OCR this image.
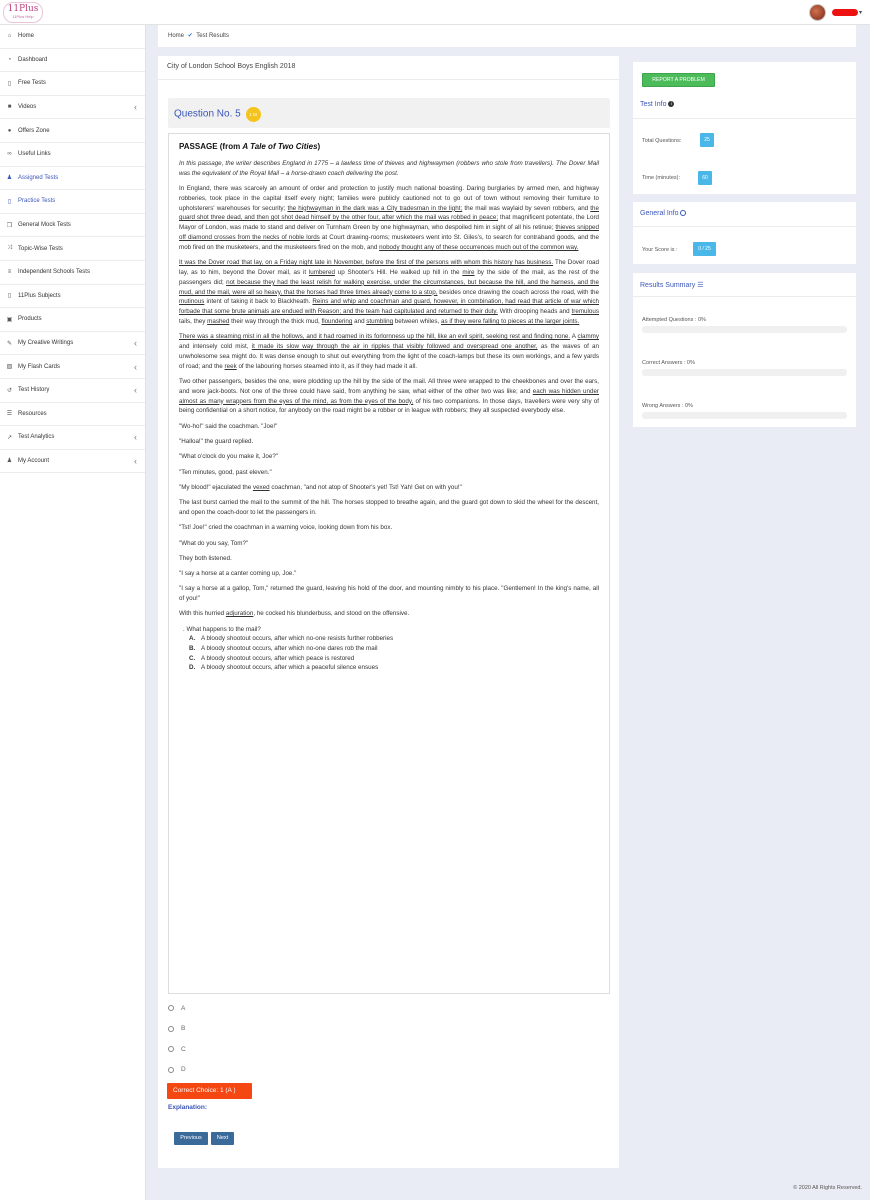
11Plus
11Plus Help
▾
⌂ Home
◔ Dashboard
▯	Free Tests
■ Videos	‹
● Offers Zone
∞ Useful Links
♟ Assigned Tests
▯	Practice Tests
❐ General Mock Tests
⤨ Topic-Wise Tests
≡ Independent Schools Tests
▯	11Plus Subjects
▣ Products
✎ My Creative Writings	‹
▨ My Flash Cards	‹
↺ Test History	‹
☰ Resources
↗ Test Analytics	‹
♟ My Account	‹
Home ✔ Test Results
City of London School Boys English 2018
Question No. 5 1 M
PASSAGE (from A Tale of Two Cities)

In this passage, the writer describes England in 1775 – a lawless time of thieves and highwaymen (robbers who stole from travellers). The Dover Mail was the equivalent of the Royal Mail – a horse-drawn coach delivering the post.

In England, there was scarcely an amount of order and protection to justify much national boasting. Daring burglaries by armed men, and highway robberies, took place in the capital itself every night; families were publicly cautioned not to go out of town without removing their furniture to upholsterers' warehouses for security; the highwayman in the dark was a City tradesman in the light; the mail was waylaid by seven robbers, and the guard shot three dead, and then got shot dead himself by the other four, after which the mail was robbed in peace; that magnificent potentate, the Lord Mayor of London, was made to stand and deliver on Turnham Green by one highwayman, who despoiled him in sight of all his retinue; thieves snipped off diamond crosses from the necks of noble lords at Court drawing-rooms; musketeers went into St. Giles's, to search for contraband goods, and the mob fired on the musketeers, and the musketeers fired on the mob, and nobody thought any of these occurrences much out of the common way.

It was the Dover road that lay, on a Friday night late in November, before the first of the persons with whom this history has business. The Dover road lay, as to him, beyond the Dover mail, as it lumbered up Shooter's Hill. He walked up hill in the mire by the side of the mail, as the rest of the passengers did; not because they had the least relish for walking exercise, under the circumstances, but because the hill, and the harness, and the mud, and the mail, were all so heavy, that the horses had three times already come to a stop, besides once drawing the coach across the road, with the mutinous intent of taking it back to Blackheath. Reins and whip and coachman and guard, however, in combination, had read that article of war which forbade that some brute animals are endued with Reason; and the team had capitulated and returned to their duty. With drooping heads and tremulous tails, they mashed their way through the thick mud, floundering and stumbling between whiles, as if they were falling to pieces at the larger joints.

There was a steaming mist in all the hollows, and it had roamed in its forlornness up the hill, like an evil spirit, seeking rest and finding none. A clammy and intensely cold mist, it made its slow way through the air in ripples that visibly followed and overspread one another, as the waves of an unwholesome sea might do. It was dense enough to shut out everything from the light of the coach-lamps but these its own workings, and a few yards of road; and the reek of the labouring horses steamed into it, as if they had made it all.

Two other passengers, besides the one, were plodding up the hill by the side of the mail. All three were wrapped to the cheekbones and over the ears, and wore jack-boots. Not one of the three could have said, from anything he saw, what either of the other two was like; and each was hidden under almost as many wrappers from the eyes of the mind, as from the eyes of the body, of his two companions. In those days, travellers were very shy of being confidential on a short notice, for anybody on the road might be a robber or in league with robbers; they all suspected everybody else.

"Wo-ho!" said the coachman. "Joe!"

"Halloa!" the guard replied.

"What o'clock do you make it, Joe?"

"Ten minutes, good, past eleven."

"My blood!" ejaculated the vexed coachman, "and not atop of Shooter's yet! Tst! Yah! Get on with you!"

The last burst carried the mail to the summit of the hill. The horses stopped to breathe again, and the guard got down to skid the wheel for the descent, and open the coach-door to let the passengers in.

"Tst! Joe!" cried the coachman in a warning voice, looking down from his box.

"What do you say, Tom?"

They both listened.

"I say a horse at a canter coming up, Joe."

"I say a horse at a gallop, Tom," returned the guard, leaving his hold of the door, and mounting nimbly to his place. "Gentlemen! In the king's name, all of you!"

With this hurried adjuration, he cocked his blunderbuss, and stood on the offensive.

. What happens to the mail?
A. A bloody shootout occurs, after which no-one resists further robberies
B. A bloody shootout occurs, after which no-one dares rob the mail
C. A bloody shootout occurs, after which peace is restored
D. A bloody shootout occurs, after which a peaceful silence ensues
A
B
C
D
Correct Choice: 1 (A )
Explanation:
Previous	Next
REPORT A PROBLEM
Test Info i
Total Questions:	25
Time (minutes):	60
General Info
Your Score is :	0 / 25
Results Summary ☰
Attempted Questions : 0%
Correct Answers : 0%
Wrong Answers : 0%
© 2020 All Rights Reserved.
